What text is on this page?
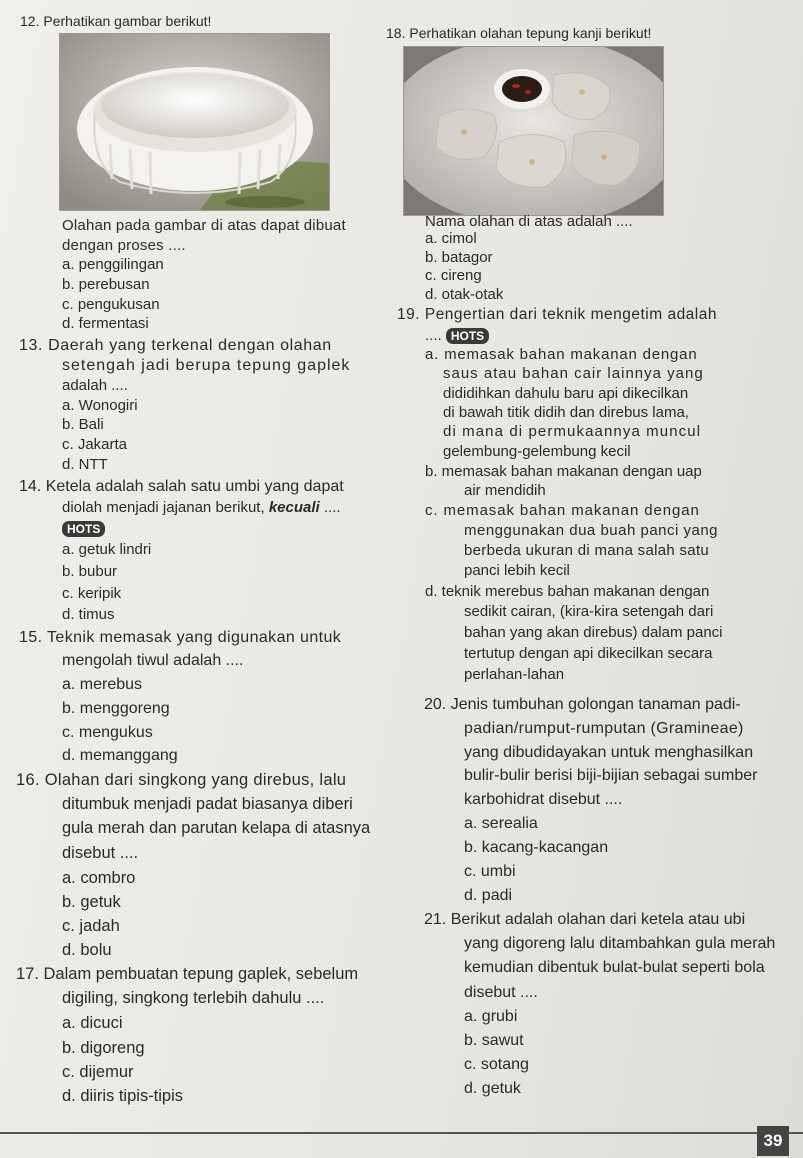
12. Perhatikan gambar berikut!
Olahan pada gambar di atas dapat dibuat
dengan proses ....
a. penggilingan
b. perebusan
c. pengukusan
d. fermentasi
13. Daerah yang terkenal dengan olahan
setengah jadi berupa tepung gaplek
adalah ....
a. Wonogiri
b. Bali
c. Jakarta
d. NTT
14. Ketela adalah salah satu umbi yang dapat
diolah menjadi jajanan berikut, kecuali ....
HOTS
a. getuk lindri
b. bubur
c. keripik
d. timus
15. Teknik memasak yang digunakan untuk
mengolah tiwul adalah ....
a. merebus
b. menggoreng
c. mengukus
d. memanggang
16. Olahan dari singkong yang direbus, lalu
ditumbuk menjadi padat biasanya diberi
gula merah dan parutan kelapa di atasnya
disebut ....
a. combro
b. getuk
c. jadah
d. bolu
17. Dalam pembuatan tepung gaplek, sebelum
digiling, singkong terlebih dahulu ....
a. dicuci
b. digoreng
c. dijemur
d. diiris tipis-tipis
18. Perhatikan olahan tepung kanji berikut!
Nama olahan di atas adalah ....
a. cimol
b. batagor
c. cireng
d. otak-otak
19. Pengertian dari teknik mengetim adalah
.... HOTS
a. memasak bahan makanan dengan
saus atau bahan cair lainnya yang
dididihkan dahulu baru api dikecilkan
di bawah titik didih dan direbus lama,
di mana di permukaannya muncul
gelembung-gelembung kecil
b. memasak bahan makanan dengan uap
air mendidih
c. memasak bahan makanan dengan
menggunakan dua buah panci yang
berbeda ukuran di mana salah satu
panci lebih kecil
d. teknik merebus bahan makanan dengan
sedikit cairan, (kira-kira setengah dari
bahan yang akan direbus) dalam panci
tertutup dengan api dikecilkan secara
perlahan-lahan
20. Jenis tumbuhan golongan tanaman padi-
padian/rumput-rumputan (Gramineae)
yang dibudidayakan untuk menghasilkan
bulir-bulir berisi biji-bijian sebagai sumber
karbohidrat disebut ....
a. serealia
b. kacang-kacangan
c. umbi
d. padi
21. Berikut adalah olahan dari ketela atau ubi
yang digoreng lalu ditambahkan gula merah
kemudian dibentuk bulat-bulat seperti bola
disebut ....
a. grubi
b. sawut
c. sotang
d. getuk
39
